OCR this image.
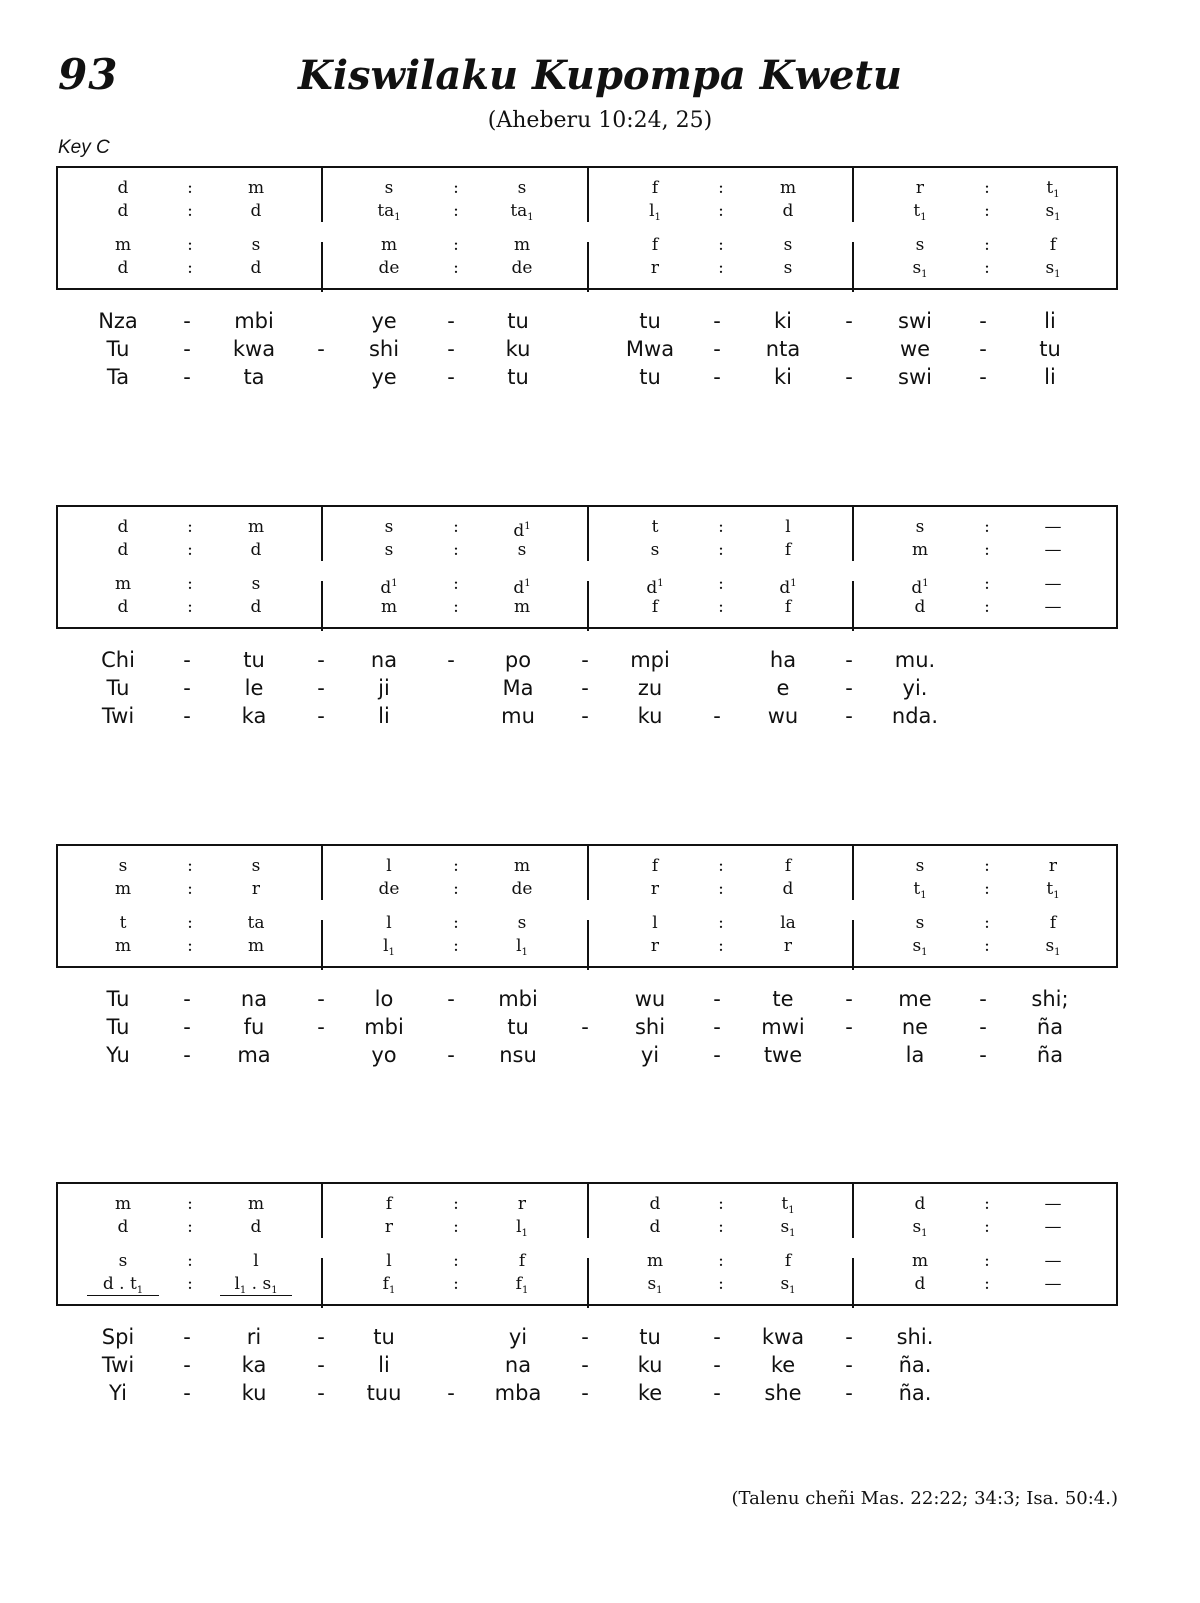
93	Kiswilaku Kupompa Kwetu
(Aheberu 10:24, 25)
Key C
Nza	-	mbi	ye	-	tu	tu	-	ki	-	swi	-	li
Tu	-	kwa	-	shi	-	ku	Mwa	-	nta	we	-	tu
Ta	-	ta	ye	-	tu	tu	-	ki	-	swi	-	li
Chi	-	tu	-	na	-	po	-	mpi	ha	-	mu.
Tu	-	le	-	ji	Ma	-	zu	e	-	yi.
Twi	-	ka	-	li	mu	-	ku	-	wu	-	nda.
Tu	-	na	-	lo	-	mbi	wu	-	te	-	me	-	shi;
Tu	-	fu	-	mbi	tu	-	shi	-	mwi	-	ne	-	ña
Yu	-	ma	yo	-	nsu	yi	-	twe	la	-	ña
Spi	-	ri	-	tu	yi	-	tu	-	kwa	-	shi.
Twi	-	ka	-	li	na	-	ku	-	ke	-	ña.
Yi	-	ku	-	tuu	-	mba	-	ke	-	she	-	ña.
(Talenu cheñi Mas. 22:22; 34:3; Isa. 50:4.)
d	m	s	s	f	m	r	$t_1$
:	:	:	:
d	d	$ta_1$	$ta_1$	$l_1$	d	$t_1$	$s_1$
:	:	:	:
m	s	m	m	f	s	s	f
:	:	:	:
d	d	de	de	r	s	$s_1$	$s_1$
:	:	:	:
d	m	s	$d^1$	t	l	s	—
:	:	:	:
d	d	s	s	s	f	m	—
:	:	:	:
m	s	$d^1$	$d^1$	$d^1$	$d^1$	$d^1$	—
:	:	:	:
d	d	m	m	f	f	d	—
:	:	:	:
s	s	l	m	f	f	s	r
:	:	:	:
m	r	de	de	r	d	$t_1$	$t_1$
:	:	:	:
t	ta	l	s	l	la	s	f
:	:	:	:
m	m	$l_1$	$l_1$	r	r	$s_1$	$s_1$
:	:	:	:
m	m	f	r	d	$t_1$	d	—
:	:	:	:
d	d	r	$l_1$	d	$s_1$	$s_1$	—
:	:	:	:
s	l	l	f	m	f	m	—
:	:	:	:
d . $t_1$	$l_1$ . $s_1$	$f_1$	$f_1$	$s_1$	$s_1$	d	—
:	:	:	:
